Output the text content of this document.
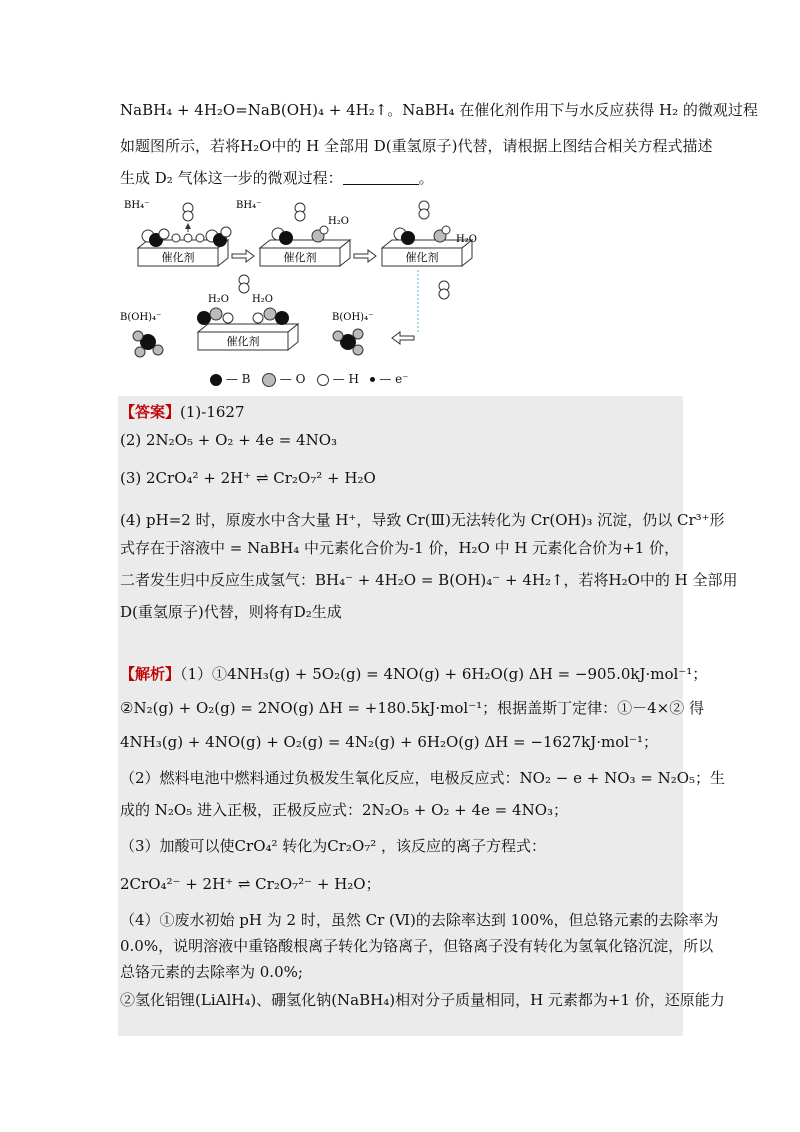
NaBH₄ + 4H₂O=NaB(OH)₄ + 4H₂↑。NaBH₄ 在催化剂作用下与水反应获得 H₂ 的微观过程
如题图所示，若将H₂O中的 H 全部用 D(重氢原子)代替，请根据上图结合相关方程式描述
生成 D₂ 气体这一步的微观过程：	。
催化剂	催化剂	催化剂
BH₄⁻	BH₄⁻
H₂O
H₂O
催化剂
H₂O H₂O
B(OH)₄⁻	B(OH)₄⁻
— B    — O    — H    — e⁻
【答案】(1)-1627
(2) 2N₂O₅ + O₂ + 4e = 4NO₃
(3) 2CrO₄² + 2H⁺ ⇌ Cr₂O₇² + H₂O
(4) pH=2 时，原废水中含大量 H⁺，导致 Cr(Ⅲ)无法转化为 Cr(OH)₃ 沉淀，仍以 Cr³⁺形
式存在于溶液中 = NaBH₄ 中元素化合价为-1 价，H₂O 中 H 元素化合价为+1 价，
二者发生归中反应生成氢气：BH₄⁻ + 4H₂O = B(OH)₄⁻ + 4H₂↑，若将H₂O中的 H 全部用
D(重氢原子)代替，则将有D₂生成
【解析】（1）①4NH₃(g) + 5O₂(g) = 4NO(g) + 6H₂O(g) ΔH = −905.0kJ·mol⁻¹；
②N₂(g) + O₂(g) = 2NO(g) ΔH = +180.5kJ·mol⁻¹；根据盖斯丁定律：①－4×② 得
4NH₃(g) + 4NO(g) + O₂(g) = 4N₂(g) + 6H₂O(g) ΔH = −1627kJ·mol⁻¹；
（2）燃料电池中燃料通过负极发生氧化反应，电极反应式：NO₂ − e + NO₃ = N₂O₅；生
成的 N₂O₅ 进入正极，正极反应式：2N₂O₅ + O₂ + 4e = 4NO₃；
（3）加酸可以使CrO₄² 转化为Cr₂O₇² ，该反应的离子方程式：
2CrO₄²⁻ + 2H⁺ ⇌ Cr₂O₇²⁻ + H₂O；
（4）①废水初始 pH 为 2 时，虽然 Cr (Ⅵ)的去除率达到 100%，但总铬元素的去除率为
0.0%，说明溶液中重铬酸根离子转化为铬离子，但铬离子没有转化为氢氧化铬沉淀，所以
总铬元素的去除率为 0.0%;
②氢化铝锂(LiAlH₄)、硼氢化钠(NaBH₄)相对分子质量相同，H 元素都为+1 价，还原能力
